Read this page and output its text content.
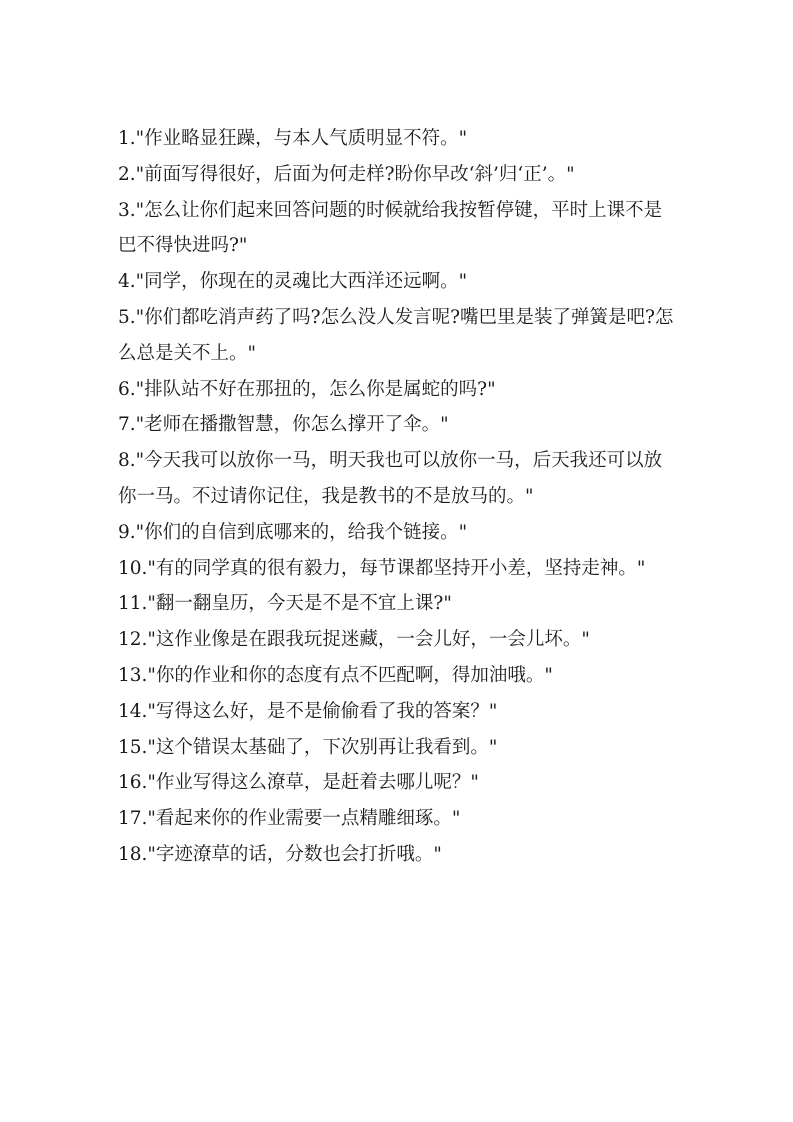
1."作业略显狂躁，与本人气质明显不符。"

2."前面写得很好，后面为何走样?盼你早改‘斜’归‘正’。"

3."怎么让你们起来回答问题的时候就给我按暂停键，平时上课不是巴不得快进吗?"

4."同学，你现在的灵魂比大西洋还远啊。"

5."你们都吃消声药了吗?怎么没人发言呢?嘴巴里是装了弹簧是吧?怎么总是关不上。"

6."排队站不好在那扭的，怎么你是属蛇的吗?"

7."老师在播撒智慧，你怎么撑开了伞。"

8."今天我可以放你一马，明天我也可以放你一马，后天我还可以放你一马。不过请你记住，我是教书的不是放马的。"

9."你们的自信到底哪来的，给我个链接。"

10."有的同学真的很有毅力，每节课都坚持开小差，坚持走神。"

11."翻一翻皇历，今天是不是不宜上课?"

12."这作业像是在跟我玩捉迷藏，一会儿好，一会儿坏。"

13."你的作业和你的态度有点不匹配啊，得加油哦。"

14."写得这么好，是不是偷偷看了我的答案？"

15."这个错误太基础了，下次别再让我看到。"

16."作业写得这么潦草，是赶着去哪儿呢？"

17."看起来你的作业需要一点精雕细琢。"

18."字迹潦草的话，分数也会打折哦。"
